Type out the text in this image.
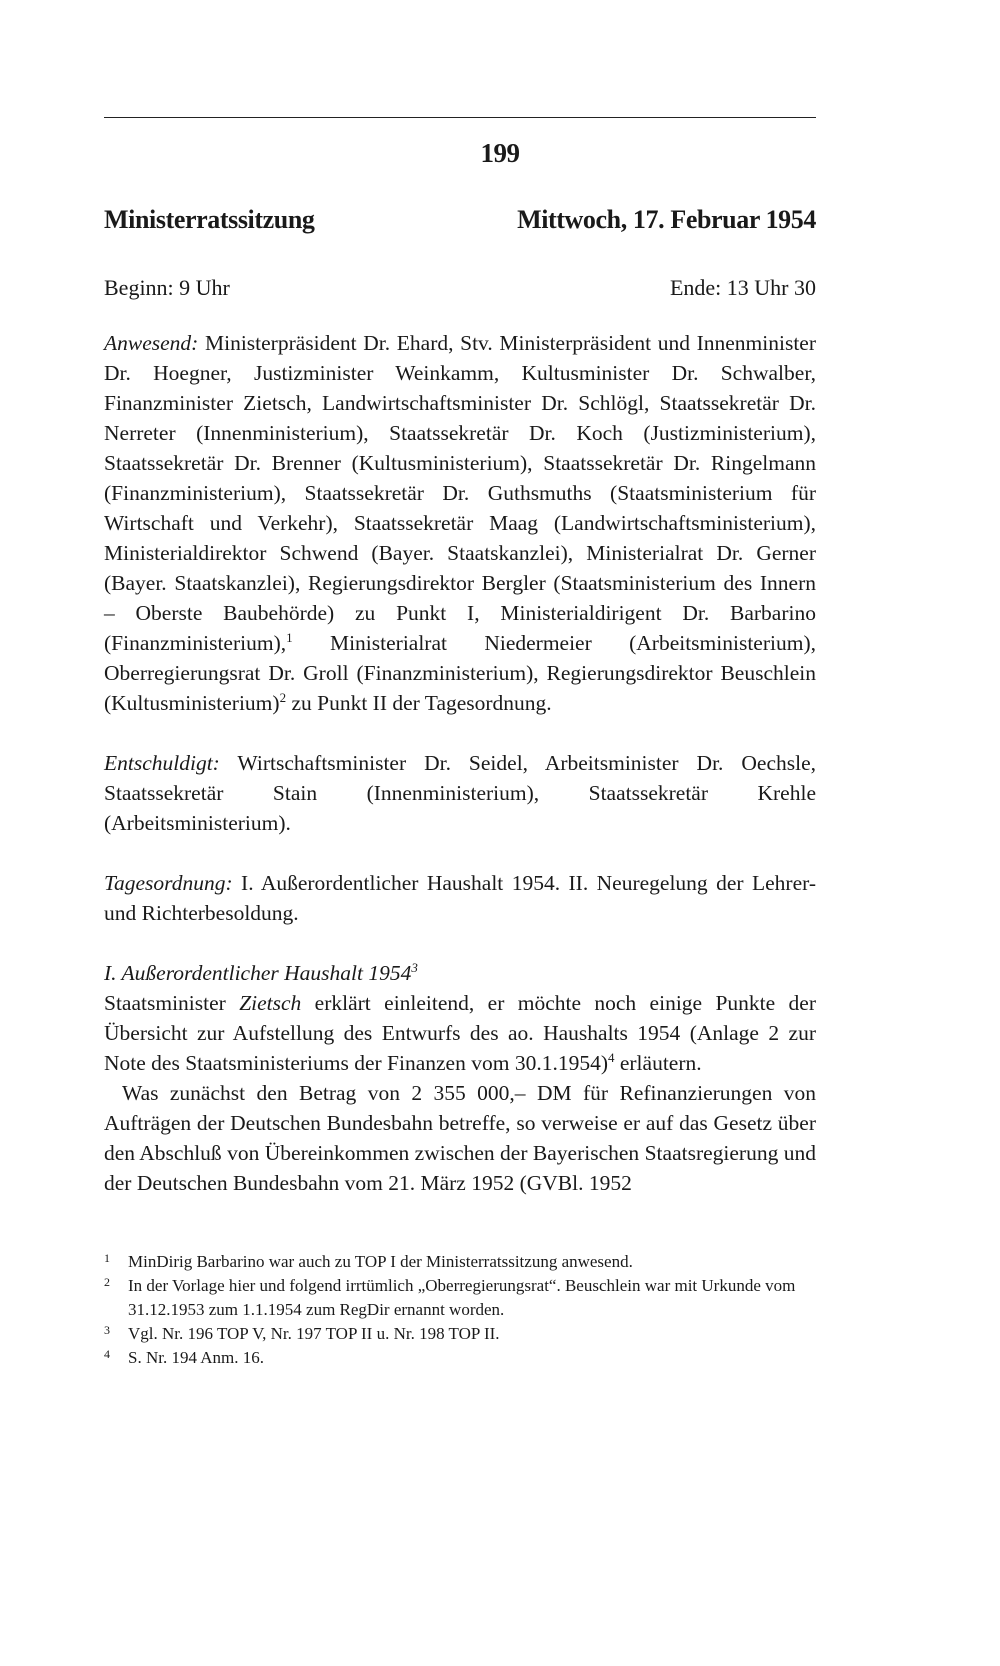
199
Ministerratssitzung	Mittwoch, 17. Februar 1954
Beginn: 9 Uhr	Ende: 13 Uhr 30

Anwesend: Ministerpräsident Dr. Ehard, Stv. Ministerpräsident und Innenminister Dr. Hoegner, Justizminister Weinkamm, Kultusminister Dr. Schwalber, Finanzminister Zietsch, Landwirtschaftsminister Dr. Schlögl, Staatssekretär Dr. Nerreter (Innenministerium), Staatssekretär Dr. Koch (Justizministerium), Staatssekretär Dr. Brenner (Kultusministerium), Staatssekretär Dr. Ringelmann (Finanzministerium), Staatssekretär Dr. Guthsmuths (Staatsministerium für Wirtschaft und Verkehr), Staatssekretär Maag (Landwirtschaftsministerium), Ministerialdirektor Schwend (Bayer. Staatskanzlei), Ministerialrat Dr. Gerner (Bayer. Staatskanzlei), Regierungsdirektor Bergler (Staatsministerium des Innern – Oberste Baubehörde) zu Punkt I, Ministerialdirigent Dr. Barbarino (Finanzministerium),$^1$ Ministerialrat Niedermeier (Arbeitsministerium), Oberregierungsrat Dr. Groll (Finanzministerium), Regierungsdirektor Beuschlein (Kultusministerium)$^2$ zu Punkt II der Tagesordnung.

Entschuldigt: Wirtschaftsminister Dr. Seidel, Arbeitsminister Dr. Oechsle, Staatssekretär Stain (Innenministerium), Staatssekretär Krehle (Arbeitsministerium).

Tagesordnung: I. Außerordentlicher Haushalt 1954. II. Neuregelung der Lehrer- und Richterbesoldung.

I. Außerordentlicher Haushalt 1954$^3$

Staatsminister Zietsch erklärt einleitend, er möchte noch einige Punkte der Übersicht zur Aufstellung des Entwurfs des ao. Haushalts 1954 (Anlage 2 zur Note des Staatsministeriums der Finanzen vom 30.1.1954)$^4$ erläutern.

Was zunächst den Betrag von 2 355 000,– DM für Refinanzierungen von Aufträgen der Deutschen Bundesbahn betreffe, so verweise er auf das Gesetz über den Abschluß von Übereinkommen zwischen der Bayerischen Staatsregierung und der Deutschen Bundesbahn vom 21. März 1952 (GVBl. 1952

1	MinDirig Barbarino war auch zu TOP I der Ministerratssitzung anwesend.
2	In der Vorlage hier und folgend irrtümlich „Oberregierungsrat“. Beuschlein war mit Urkunde vom 31.12.1953 zum 1.1.1954 zum RegDir ernannt worden.
3	Vgl. Nr. 196 TOP V, Nr. 197 TOP II u. Nr. 198 TOP II.
4	S. Nr. 194 Anm. 16.
